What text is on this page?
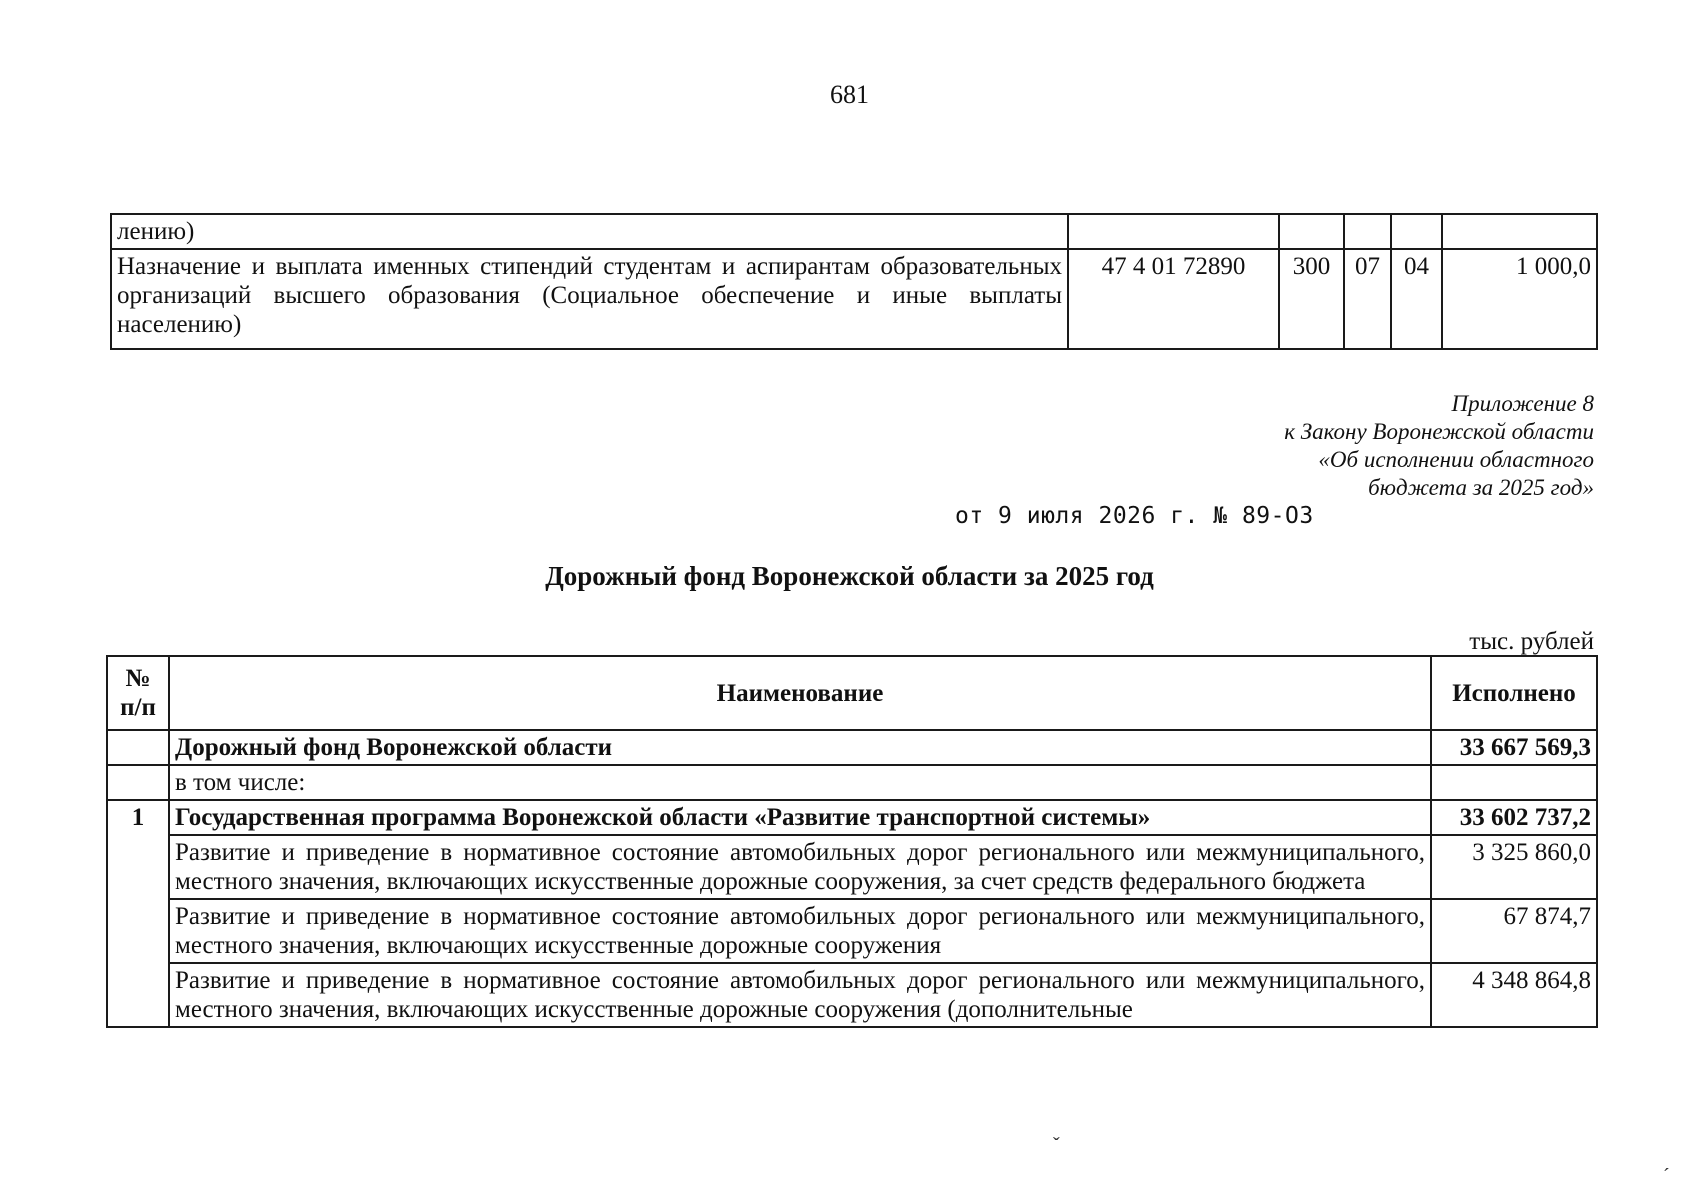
681
лению)					
Назначение и выплата именных стипендий студентам и аспирантам образовательных организаций высшего образования (Социальное обеспечение и иные выплаты населению)	47 4 01 72890	300	07	04	1 000,0
Приложение 8
к Закону Воронежской области
«Об исполнении областного
бюджета за 2025 год»
от 9 июля 2026 г. № 89-ОЗ
Дорожный фонд Воронежской области за 2025 год
тыс. рублей
№ п/п	Наименование	Исполнено
	Дорожный фонд Воронежской области	33 667 569,3
	в том числе:	
1	Государственная программа Воронежской области «Развитие транспортной системы»	33 602 737,2
	Развитие и приведение в нормативное состояние автомобильных дорог регионального или межмуниципального, местного значения, включающих искусственные дорожные сооружения, за счет средств федерального бюджета	3 325 860,0
	Развитие и приведение в нормативное состояние автомобильных дорог регионального или межмуниципального, местного значения, включающих искусственные дорожные сооружения	67 874,7
	Развитие и приведение в нормативное состояние автомобильных дорог регионального или межмуниципального, местного значения, включающих искусственные дорожные сооружения (дополнительные	4 348 864,8
ˇ
ˊ
